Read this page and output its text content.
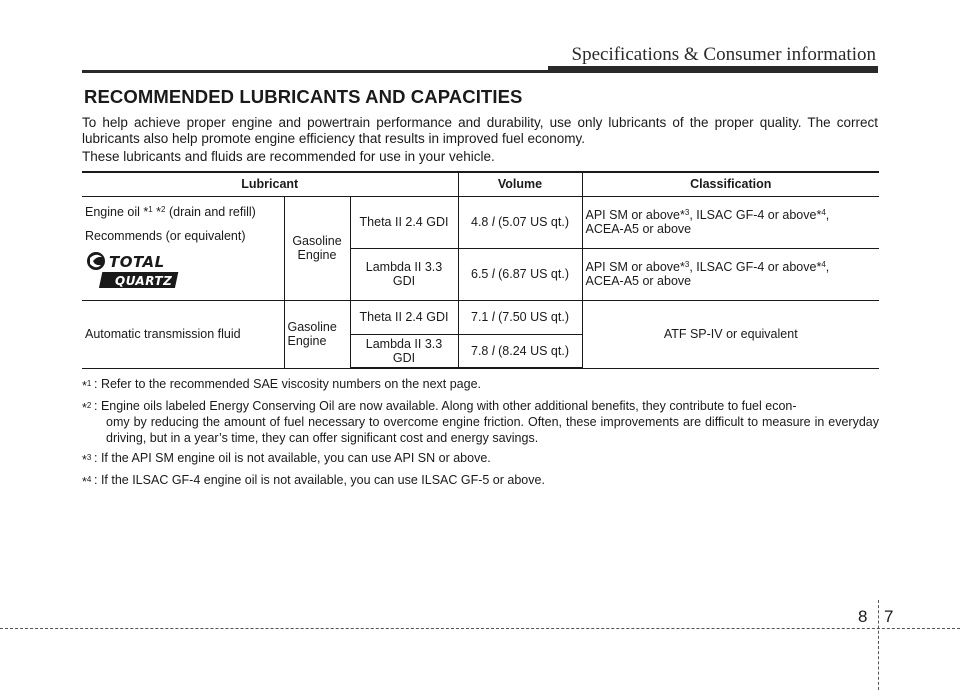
Specifications & Consumer information
RECOMMENDED LUBRICANTS AND CAPACITIES

To help achieve proper engine and powertrain performance and durability, use only lubricants of the proper quality. The correct lubricants also help promote engine efficiency that results in improved fuel economy.

These lubricants and fluids are recommended for use in your vehicle.

Lubricant			Volume	Classification

Engine oil *$^1$ *$^2$ (drain and refill)
Recommends (or equivalent)
TOTAL
QUARTZ	Gasoline Engine	Theta II 2.4 GDI	4.8 l (5.07 US qt.)	API SM or above*$^3$, ILSAC GF-4 or above*$^4$,
ACEA-A5 or above
		Lambda II 3.3 GDI	6.5 l (6.87 US qt.)	API SM or above*$^3$, ILSAC GF-4 or above*$^4$,
ACEA-A5 or above
Automatic transmission fluid	Gasoline Engine	Theta II 2.4 GDI	7.1 l (7.50 US qt.)	ATF SP-IV or equivalent
		Lambda II 3.3 GDI	7.8 l (8.24 US qt.)	
*$^1$ : Refer to the recommended SAE viscosity numbers on the next page.
*$^2$ : Engine oils labeled Energy Conserving Oil are now available. Along with other additional benefits, they contribute to fuel econ-
omy by reducing the amount of fuel necessary to overcome engine friction. Often, these improvements are difficult to measure in everyday driving, but in a year’s time, they can offer significant cost and energy savings.
*$^3$ : If the API SM engine oil is not available, you can use API SN or above.
*$^4$ : If the ILSAC GF-4 engine oil is not available, you can use ILSAC GF-5 or above.
8 7
